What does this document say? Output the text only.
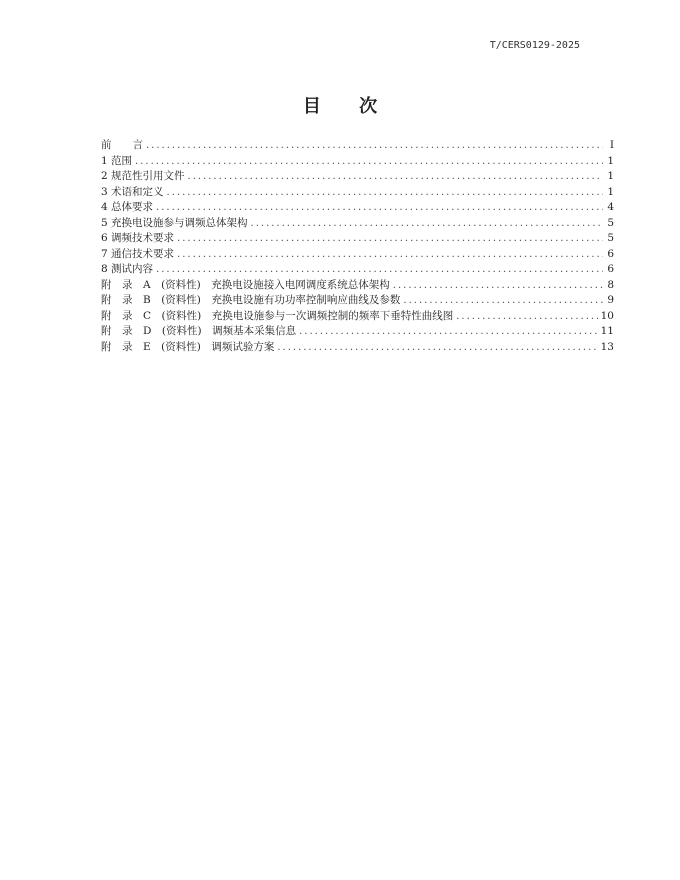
T/CERS0129-2025
目 次
前　　言 .....	I
1 范围 .....	1
2 规范性引用文件 .....	1
3 术语和定义 .....	1
4 总体要求 .....	4
5 充换电设施参与调频总体架构 .....	5
6 调频技术要求 .....	5
7 通信技术要求 .....	6
8 测试内容 .....	6
附　录　A　(资料性)　充换电设施接入电网调度系统总体架构 .....	8
附　录　B　(资料性)　充换电设施有功功率控制响应曲线及参数 .....	9
附　录　C　(资料性)　充换电设施参与一次调频控制的频率下垂特性曲线图 .....	10
附　录　D　(资料性)　调频基本采集信息 .....	11
附　录　E　(资料性)　调频试验方案 .....	13
